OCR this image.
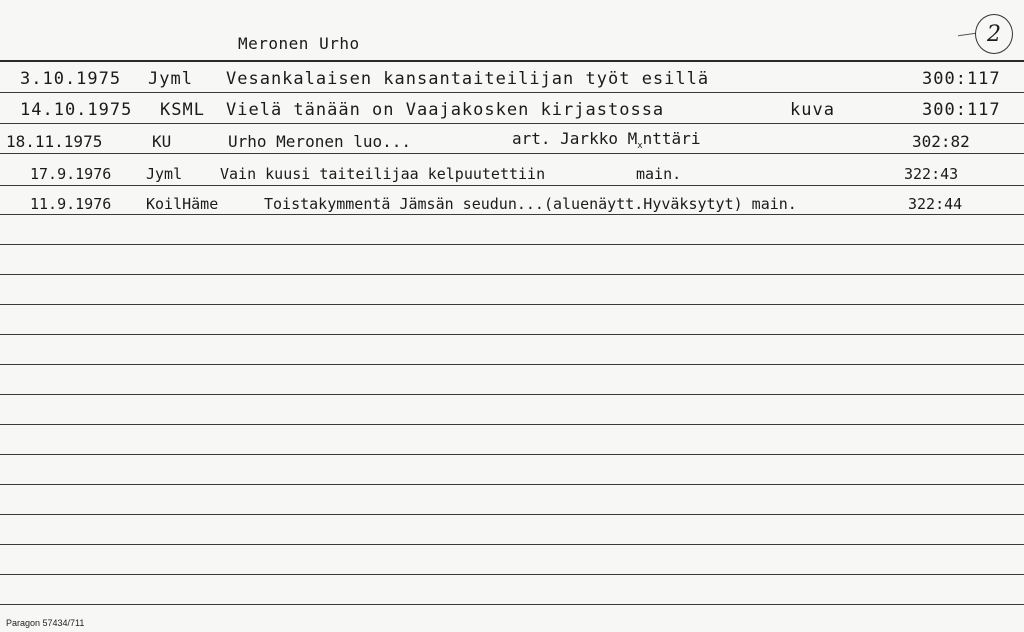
Meronen Urho	2
3.10.1975 Jyml Vesankalaisen kansantaiteilijan työt esillä	300:117
14.10.1975 KSML Vielä tänään on Vaajakosken kirjastossa	kuva	300:117
18.11.1975	KU	Urho Meronen luo...	art. Jarkko $M_xnttäri$	302:82
17.9.1976 Jyml	Vain kuusi taiteilijaa kelpuutettiin	main.	322:43
11.9.1976 KoilHäme	Toistakymmentä Jämsän seudun...(aluenäytt.Hyväksytyt) main.	322:44
Paragon 57434/711
